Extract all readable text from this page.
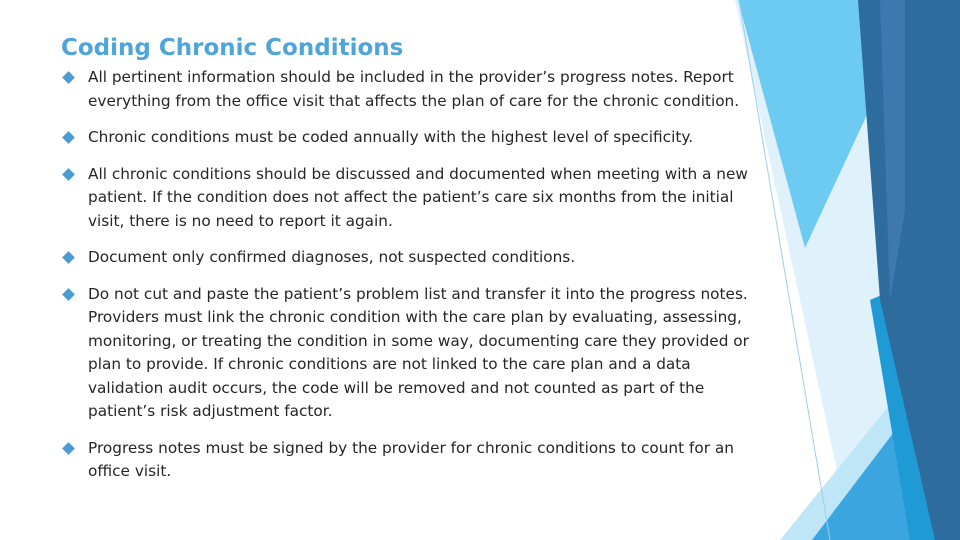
Coding Chronic Conditions
All pertinent information should be included in the provider’s progress notes. Report everything from the office visit that affects the plan of care for the chronic condition.
Chronic conditions must be coded annually with the highest level of specificity.
All chronic conditions should be discussed and documented when meeting with a new patient. If the condition does not affect the patient’s care six months from the initial visit, there is no need to report it again.
Document only confirmed diagnoses, not suspected conditions.
Do not cut and paste the patient’s problem list and transfer it into the progress notes. Providers must link the chronic condition with the care plan by evaluating, assessing, monitoring, or treating the condition in some way, documenting care they provided or plan to provide. If chronic conditions are not linked to the care plan and a data validation audit occurs, the code will be removed and not counted as part of the patient’s risk adjustment factor.
Progress notes must be signed by the provider for chronic conditions to count for an office visit.
